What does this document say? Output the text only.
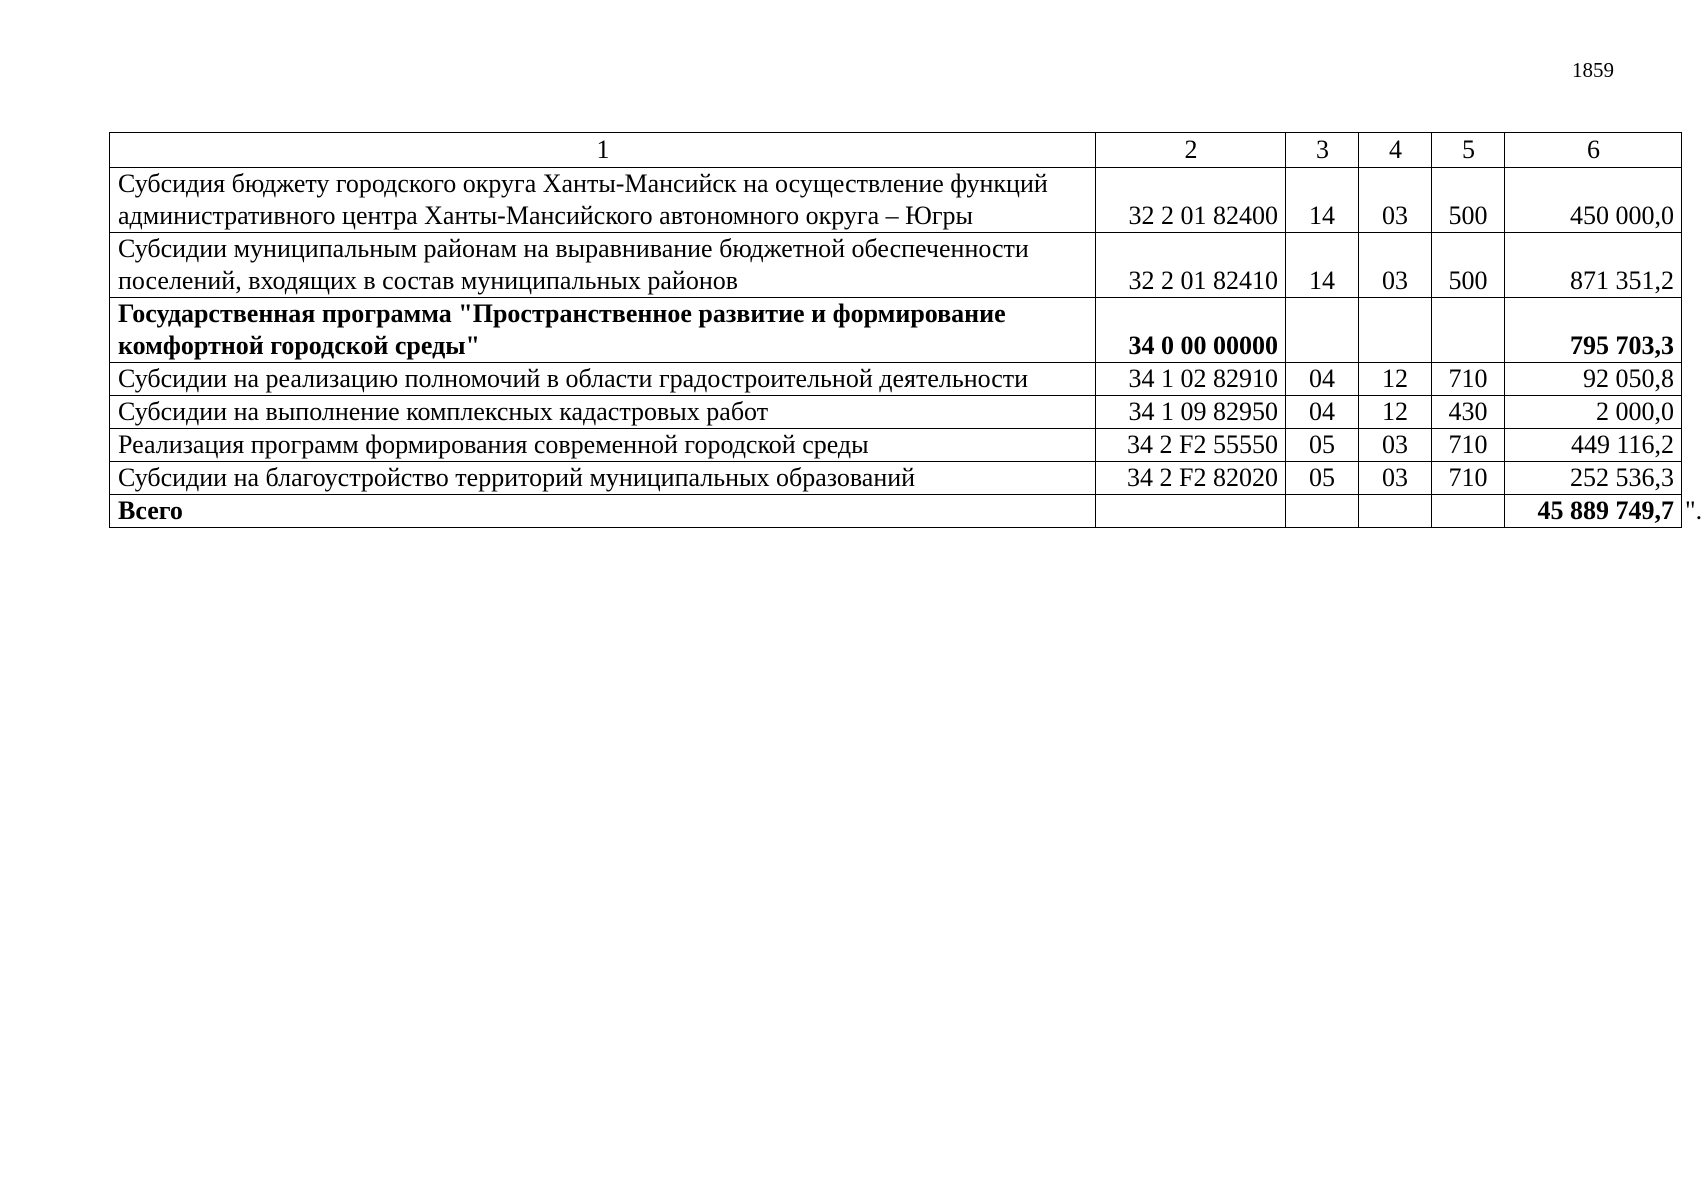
1859
1	2	3	4	5	6
Субсидия бюджету городского округа Ханты-Мансийск на осуществление функций административного центра Ханты-Мансийского автономного округа – Югры	32 2 01 82400	14	03	500	450 000,0
Субсидии муниципальным районам на выравнивание бюджетной обеспеченности поселений, входящих в состав муниципальных районов	32 2 01 82410	14	03	500	871 351,2
Государственная программа "Пространственное развитие и формирование комфортной городской среды"	34 0 00 00000				795 703,3
Субсидии на реализацию полномочий в области градостроительной деятельности	34 1 02 82910	04	12	710	92 050,8
Субсидии на выполнение комплексных кадастровых работ	34 1 09 82950	04	12	430	2 000,0
Реализация программ формирования современной городской среды	34 2 F2 55550	05	03	710	449 116,2
Субсидии на благоустройство территорий муниципальных образований	34 2 F2 82020	05	03	710	252 536,3
Всего					45 889 749,7 ".
